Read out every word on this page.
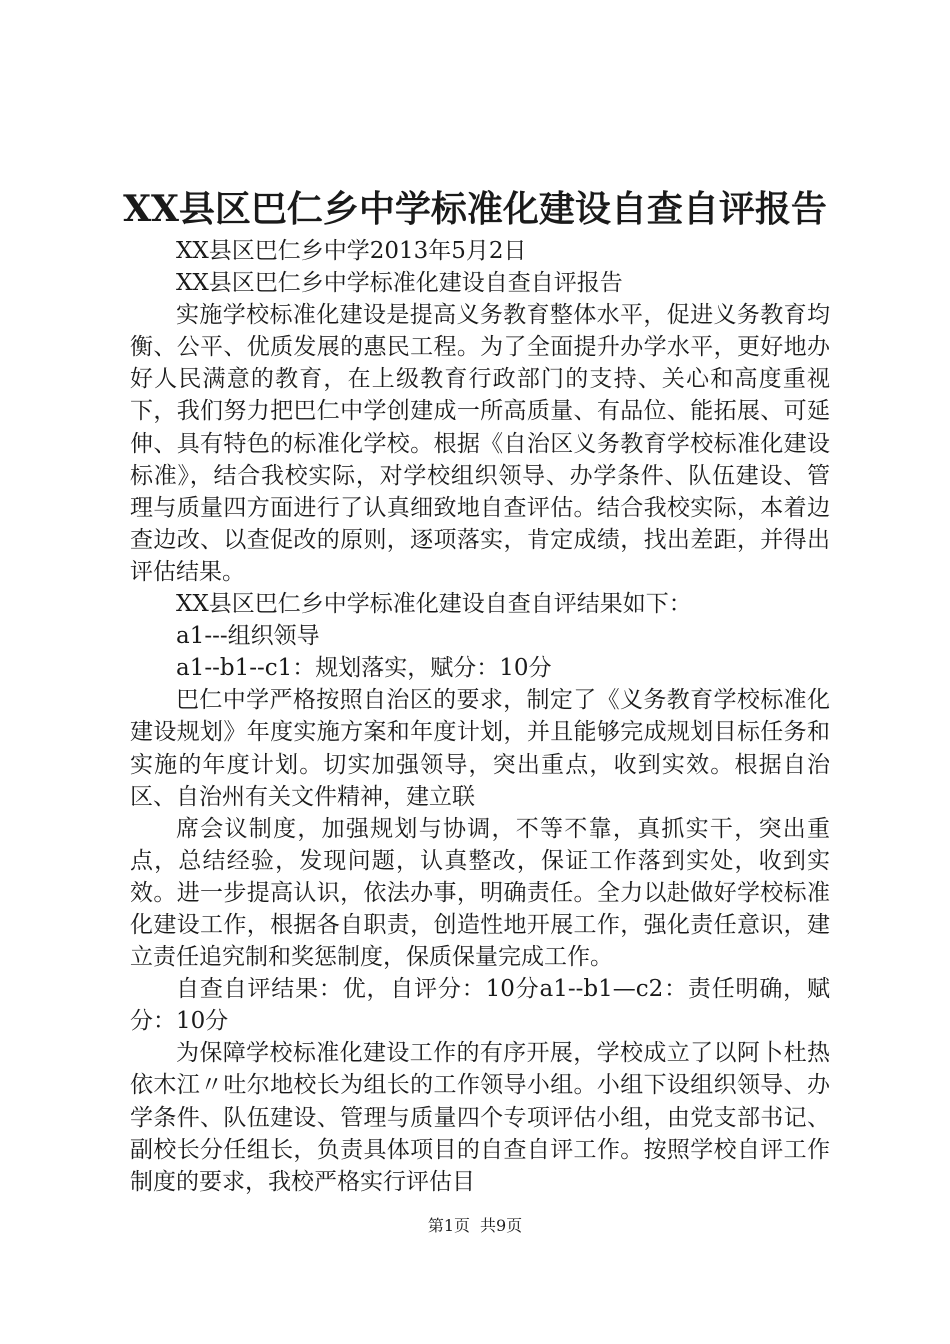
XX县区巴仁乡中学标准化建设自查自评报告

XX县区巴仁乡中学2013年5月2日

XX县区巴仁乡中学标准化建设自查自评报告

实施学校标准化建设是提高义务教育整体水平，促进义务教育均衡、公平、优质发展的惠民工程。为了全面提升办学水平，更好地办好人民满意的教育，在上级教育行政部门的支持、关心和高度重视下，我们努力把巴仁中学创建成一所高质量、有品位、能拓展、可延伸、具有特色的标准化学校。根据《自治区义务教育学校标准化建设标准》，结合我校实际，对学校组织领导、办学条件、队伍建设、管理与质量四方面进行了认真细致地自查评估。结合我校实际，本着边查边改、以查促改的原则，逐项落实，肯定成绩，找出差距，并得出评估结果。

XX县区巴仁乡中学标准化建设自查自评结果如下：

a1---组织领导

a1--b1--c1：规划落实，赋分：10分

巴仁中学严格按照自治区的要求，制定了《义务教育学校标准化建设规划》年度实施方案和年度计划，并且能够完成规划目标任务和实施的年度计划。切实加强领导，突出重点，收到实效。根据自治区、自治州有关文件精神，建立联

席会议制度，加强规划与协调，不等不靠，真抓实干，突出重点，总结经验，发现问题，认真整改，保证工作落到实处，收到实效。进一步提高认识，依法办事，明确责任。全力以赴做好学校标准化建设工作，根据各自职责，创造性地开展工作，强化责任意识，建立责任追究制和奖惩制度，保质保量完成工作。

自查自评结果：优，自评分：10分a1--b1—c2：责任明确，赋分：10分

为保障学校标准化建设工作的有序开展，学校成立了以阿卜杜热依木江〃吐尔地校长为组长的工作领导小组。小组下设组织领导、办学条件、队伍建设、管理与质量四个专项评估小组，由党支部书记、副校长分任组长，负责具体项目的自查自评工作。按照学校自评工作制度的要求，我校严格实行评估目

第1页 共9页
